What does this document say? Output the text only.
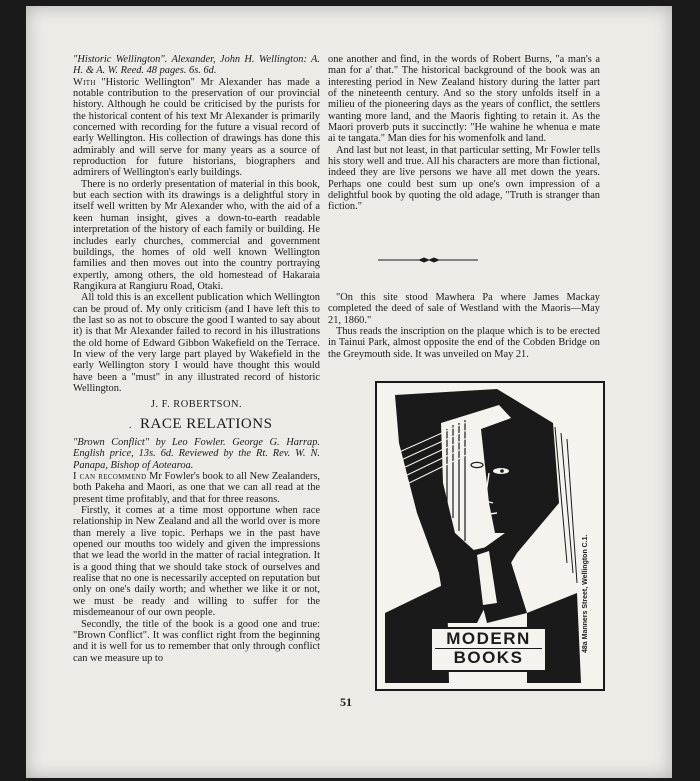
"Historic Wellington". Alexander, John H. Wellington: A. H. & A. W. Reed. 48 pages. 6s. 6d.

With "Historic Wellington" Mr Alexander has made a notable contribution to the preservation of our provincial history. Although he could be criticised by the purists for the historical content of his text Mr Alexander is primarily concerned with recording for the future a visual record of early Wellington. His collection of drawings has done this admirably and will serve for many years as a source of reproduction for future historians, biographers and admirers of Wellington's early buildings.

There is no orderly presentation of material in this book, but each section with its drawings is a delightful story in itself well written by Mr Alexander who, with the aid of a keen human insight, gives a down-to-earth readable interpretation of the history of each family or building. He includes early churches, commercial and government buildings, the homes of old well known Wellington families and then moves out into the country portraying expertly, among others, the old homestead of Hakaraia Rangikura at Rangiuru Road, Otaki.

All told this is an excellent publication which Wellington can be proud of. My only criticism (and I have left this to the last so as not to obscure the good I wanted to say about it) is that Mr Alexander failed to record in his illustrations the old home of Edward Gibbon Wakefield on the Terrace. In view of the very large part played by Wakefield in the early Wellington story I would have thought this would have been a "must" in any illustrated record of historic Wellington.

J. F. ROBERTSON.

. RACE RELATIONS

"Brown Conflict" by Leo Fowler. George G. Harrap. English price, 13s. 6d. Reviewed by the Rt. Rev. W. N. Panapa, Bishop of Aotearoa.

I can recommend Mr Fowler's book to all New Zealanders, both Pakeha and Maori, as one that we can all read at the present time profitably, and that for three reasons.

Firstly, it comes at a time most opportune when race relationship in New Zealand and all the world over is more than merely a live topic. Perhaps we in the past have opened our mouths too widely and given the impressions that we lead the world in the matter of racial integration. It is a good thing that we should take stock of ourselves and realise that no one is necessarily accepted on reputation but only on one's daily worth; and whether we like it or not, we must be ready and willing to suffer for the misdemeanour of our own people.

Secondly, the title of the book is a good one and true: "Brown Conflict". It was conflict right from the beginning and it is well for us to remember that only through conflict can we measure up to

one another and find, in the words of Robert Burns, "a man's a man for a' that." The historical background of the book was an interesting period in New Zealand history during the latter part of the nineteenth century. And so the story unfolds itself in a milieu of the pioneering days as the years of conflict, the settlers wanting more land, and the Maoris fighting to retain it. As the Maori proverb puts it succinctly: "He wahine he whenua e mate ai te tangata." Man dies for his womenfolk and land.

And last but not least, in that particular setting, Mr Fowler tells his story well and true. All his characters are more than fictional, indeed they are live persons we have all met down the years. Perhaps one could best sum up one's own impression of a delightful book by quoting the old adage, "Truth is stranger than fiction."

"On this site stood Mawhera Pa where James Mackay completed the deed of sale of Westland with the Maoris—May 21, 1860."

Thus reads the inscription on the plaque which is to be erected in Tainui Park, almost opposite the end of the Cobden Bridge on the Greymouth side. It was unveiled on May 21.

MODERN
BOOKS
48a Manners Street, Wellington C.1.
51
